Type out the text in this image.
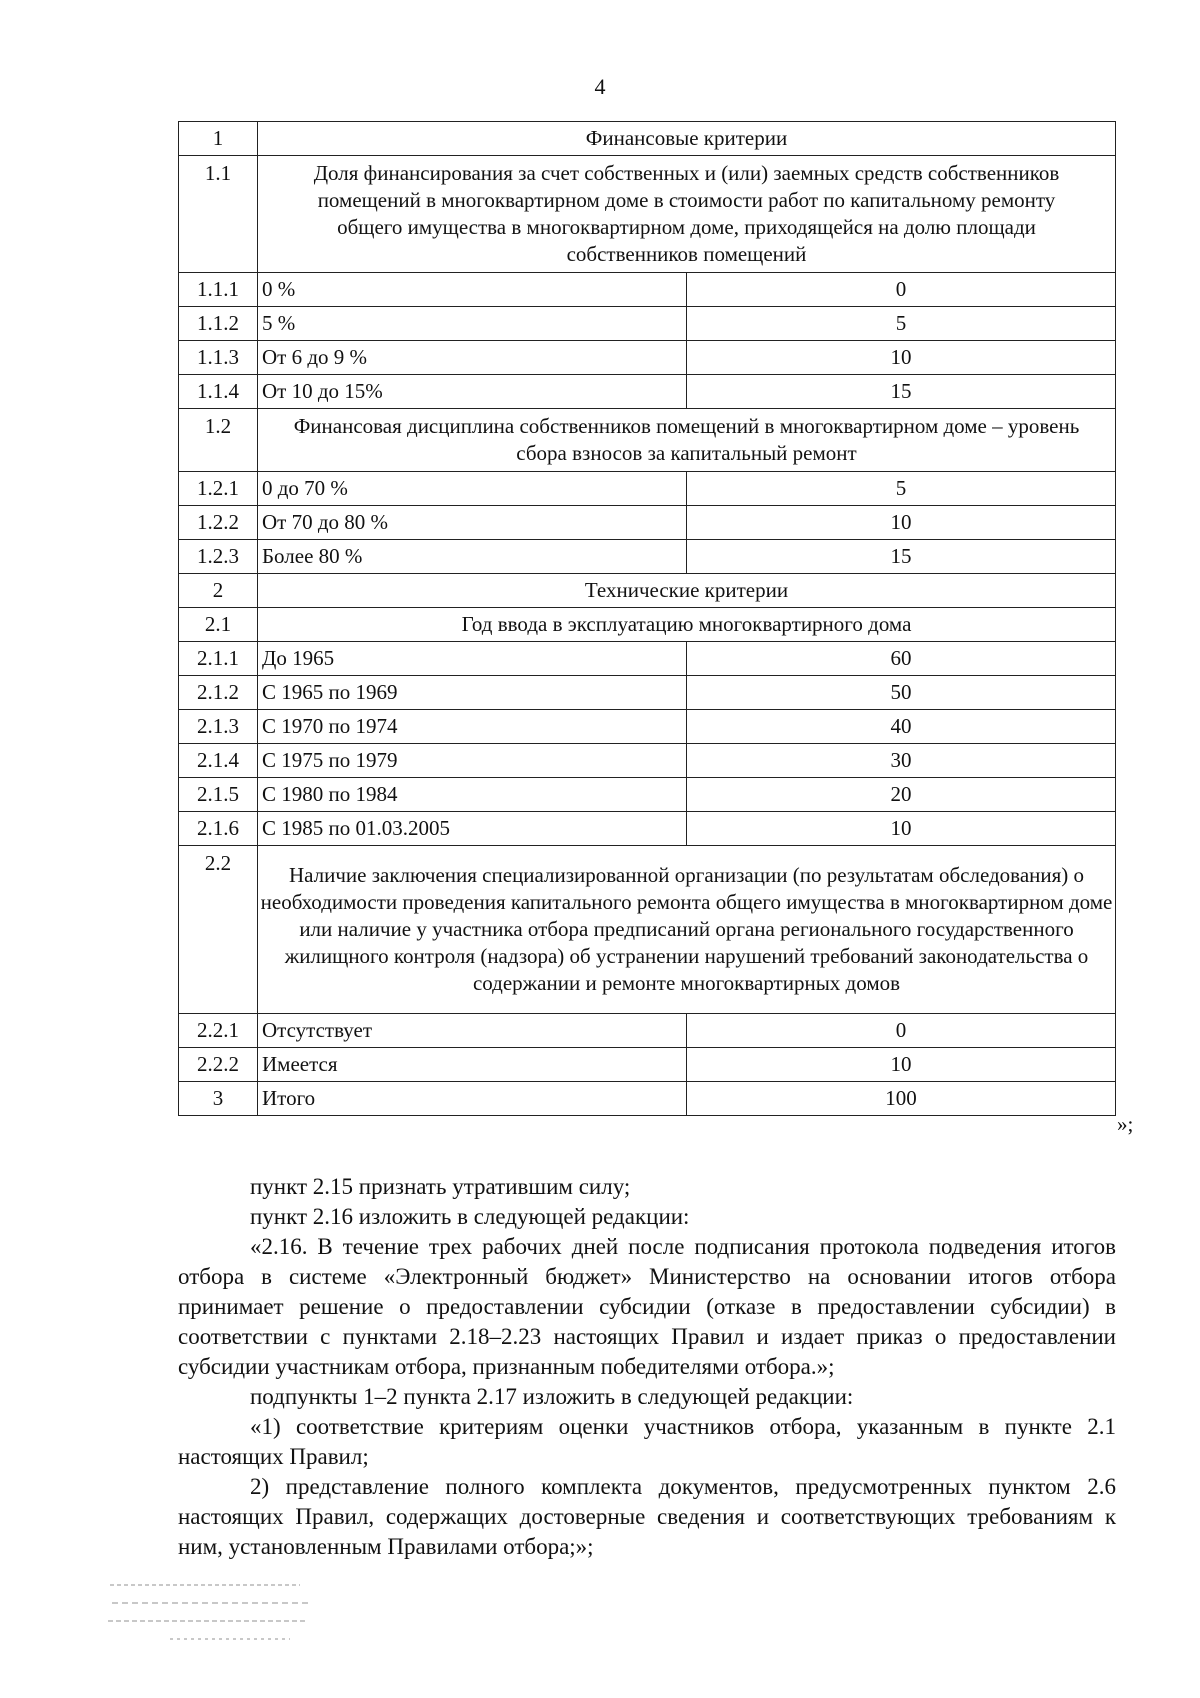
4
1	Финансовые критерии	
1.1	Доля финансирования за счет собственных и (или) заемных средств собственников помещений в многоквартирном доме в стоимости работ по капитальному ремонту общего имущества в многоквартирном доме, приходящейся на долю площади собственников помещений	
1.1.1	0 %	0
1.1.2	5 %	5
1.1.3	От 6 до 9 %	10
1.1.4	От 10 до 15%	15
1.2	Финансовая дисциплина собственников помещений в многоквартирном доме – уровень сбора взносов за капитальный ремонт	
1.2.1	0 до 70 %	5
1.2.2	От 70 до 80 %	10
1.2.3	Более 80 %	15
2	Технические критерии	
2.1	Год ввода в эксплуатацию многоквартирного дома	
2.1.1	До 1965	60
2.1.2	С 1965 по 1969	50
2.1.3	С 1970 по 1974	40
2.1.4	С 1975 по 1979	30
2.1.5	С 1980 по 1984	20
2.1.6	С 1985 по 01.03.2005	10
2.2	Наличие заключения специализированной организации (по результатам обследования) о необходимости проведения капитального ремонта общего имущества в многоквартирном доме или наличие у участника отбора предписаний органа регионального государственного жилищного контроля (надзора) об устранении нарушений требований законодательства о содержании и ремонте многоквартирных домов	
2.2.1	Отсутствует	0
2.2.2	Имеется	10
3	Итого	100
»;

пункт 2.15 признать утратившим силу;

пункт 2.16 изложить в следующей редакции:

«2.16. В течение трех рабочих дней после подписания протокола подведения итогов отбора в системе «Электронный бюджет» Министерство на основании итогов отбора принимает решение о предоставлении субсидии (отказе в предоставлении субсидии) в соответствии с пунктами 2.18–2.23 настоящих Правил и издает приказ о предоставлении субсидии участникам отбора, признанным победителями отбора.»;

подпункты 1–2 пункта 2.17 изложить в следующей редакции:

«1) соответствие критериям оценки участников отбора, указанным в пункте 2.1 настоящих Правил;

2) представление полного комплекта документов, предусмотренных пунктом 2.6 настоящих Правил, содержащих достоверные сведения и соответствующих требованиям к ним, установленным Правилами отбора;»;
